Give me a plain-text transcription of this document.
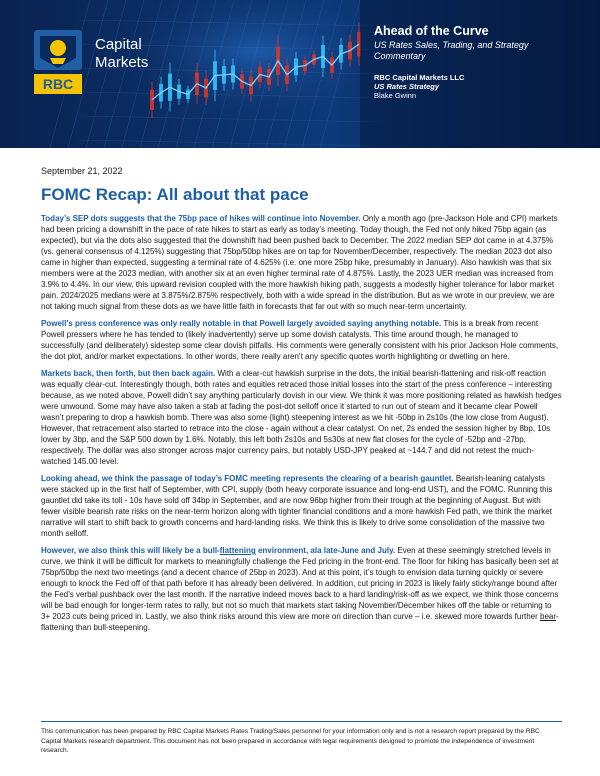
RBC
Capital
Markets
Ahead of the Curve
US Rates Sales, Trading, and Strategy Commentary
RBC Capital Markets LLC
US Rates Strategy
Blake Gwinn
September 21, 2022
FOMC Recap: All about that pace

Today’s SEP dots suggests that the 75bp pace of hikes will continue into November. Only a month ago (pre-Jackson Hole and CPI) markets had been pricing a downshift in the pace of rate hikes to start as early as today’s meeting. Today though, the Fed not only hiked 75bp again (as expected), but via the dots also suggested that the downshift had been pushed back to December. The 2022 median SEP dot came in at 4.375% (vs. general consensus of 4.125%) suggesting that 75bp/50bp hikes are on tap for November/December, respectively. The median 2023 dot also came in higher than expected, suggesting a terminal rate of 4.625% (i.e. one more 25bp hike, presumably in January). Also hawkish was that six members were at the 2023 median, with another six at an even higher terminal rate of 4.875%. Lastly, the 2023 UER median was increased from 3.9% to 4.4%. In our view, this upward revision coupled with the more hawkish hiking path, suggests a modestly higher tolerance for labor market pain. 2024/2025 medians were at 3.875%/2.875% respectively, both with a wide spread in the distribution. But as we wrote in our preview, we are not taking much signal from these dots as we have little faith in forecasts that far out with so much near-term uncertainty.

Powell’s press conference was only really notable in that Powell largely avoided saying anything notable. This is a break from recent Powell pressers where he has tended to (likely inadvertently) serve up some dovish catalysts. This time around though, he managed to successfully (and deliberately) sidestep some clear dovish pitfalls. His comments were generally consistent with his prior Jackson Hole comments, the dot plot, and/or market expectations. In other words, there really aren’t any specific quotes worth highlighting or dwelling on here.

Markets back, then forth, but then back again. With a clear-cut hawkish surprise in the dots, the initial bearish-flattening and risk-off reaction was equally clear-cut. Interestingly though, both rates and equities retraced those initial losses into the start of the press conference – interesting because, as we noted above, Powell didn’t say anything particularly dovish in our view. We think it was more positioning related as hawkish hedges were unwound. Some may have also taken a stab at fading the post-dot selloff once it started to run out of steam and it became clear Powell wasn’t preparing to drop a hawkish bomb. There was also some (light) steepening interest as we hit -50bp in 2s10s (the low close from August). However, that retracement also started to retrace into the close - again without a clear catalyst. On net, 2s ended the session higher by 8bp, 10s lower by 3bp, and the S&P 500 down by 1.6%. Notably, this left both 2s10s and 5s30s at new flat closes for the cycle of -52bp and -27bp, respectively. The dollar was also stronger across major currency pairs, but notably USD-JPY peaked at ~144.7 and did not retest the much-watched 145.00 level.

Looking ahead, we think the passage of today’s FOMC meeting represents the clearing of a bearish gauntlet. Bearish-leaning catalysts were stacked up in the first half of September, with CPI, supply (both heavy corporate issuance and long-end UST), and the FOMC. Running this gauntlet did take its toll - 10s have sold off 34bp in September, and are now 96bp higher from their trough at the beginning of August. But with fewer visible bearish rate risks on the near-term horizon along with tighter financial conditions and a more hawkish Fed path, we think the market narrative will start to shift back to growth concerns and hard-landing risks. We think this is likely to drive some consolidation of the massive two month selloff.

However, we also think this will likely be a bull-flattening environment, ala late-June and July. Even at these seemingly stretched levels in curve, we think it will be difficult for markets to meaningfully challenge the Fed pricing in the front-end. The floor for hiking has basically been set at 75bp/50bp the next two meetings (and a decent chance of 25bp in 2023). And at this point, it’s tough to envision data turning quickly or severe enough to knock the Fed off of that path before it has already been delivered. In addition, cut pricing in 2023 is likely fairly sticky/range bound after the Fed’s verbal pushback over the last month. If the narrative indeed moves back to a hard landing/risk-off as we expect, we think those concerns will be bad enough for longer-term rates to rally, but not so much that markets start taking November/December hikes off the table or returning to 3+ 2023 cuts being priced in. Lastly, we also think risks around this view are more on direction than curve – i.e. skewed more towards further bear-flattening than bull-steepening.

This communication has been prepared by RBC Capital Markets Rates Trading/Sales personnel for your information only and is not a research report prepared by the RBC Capital Markets research department. This document has not been prepared in accordance with legal requirements designed to promote the independence of investment research.
